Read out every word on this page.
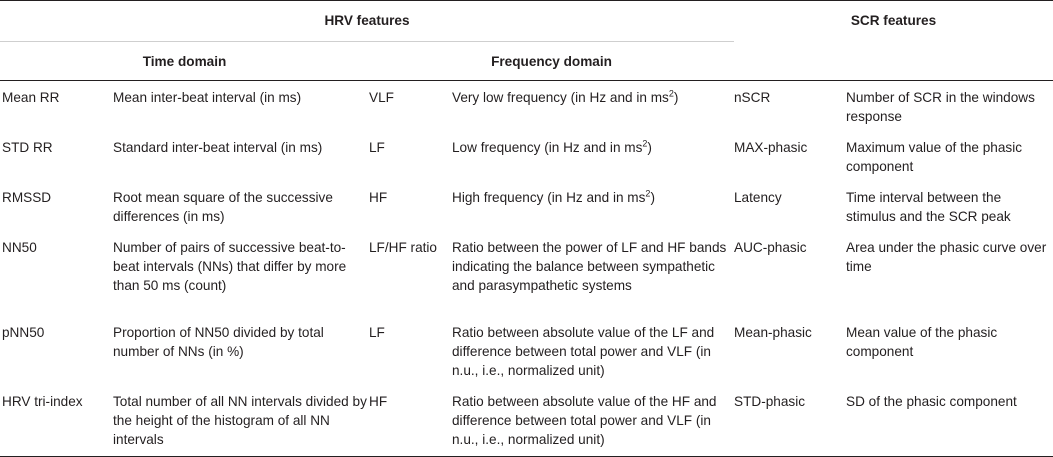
HRV features				SCR features	
Time domain		Frequency domain			
Mean RR	Mean inter-beat interval (in ms)	VLF	Very low frequency (in Hz and in $ms^2$)	nSCR	Number of SCR in the windows response
STD RR	Standard inter-beat interval (in ms)	LF	Low frequency (in Hz and in $ms^2$)	MAX-phasic	Maximum value of the phasic component
RMSSD	Root mean square of the successive differences (in ms)	HF	High frequency (in Hz and in $ms^2$)	Latency	Time interval between the stimulus and the SCR peak
NN50	Number of pairs of successive beat-to-beat intervals (NNs) that differ by more than 50 ms (count)	LF/HF ratio	Ratio between the power of LF and HF bands indicating the balance between sympathetic and parasympathetic systems	AUC-phasic	Area under the phasic curve over time
pNN50	Proportion of NN50 divided by total number of NNs (in %)	LF	Ratio between absolute value of the LF and difference between total power and VLF (in n.u., i.e., normalized unit)	Mean-phasic	Mean value of the phasic component
HRV tri-index	Total number of all NN intervals divided by the height of the histogram of all NN intervals	HF	Ratio between absolute value of the HF and difference between total power and VLF (in n.u., i.e., normalized unit)	STD-phasic	SD of the phasic component
